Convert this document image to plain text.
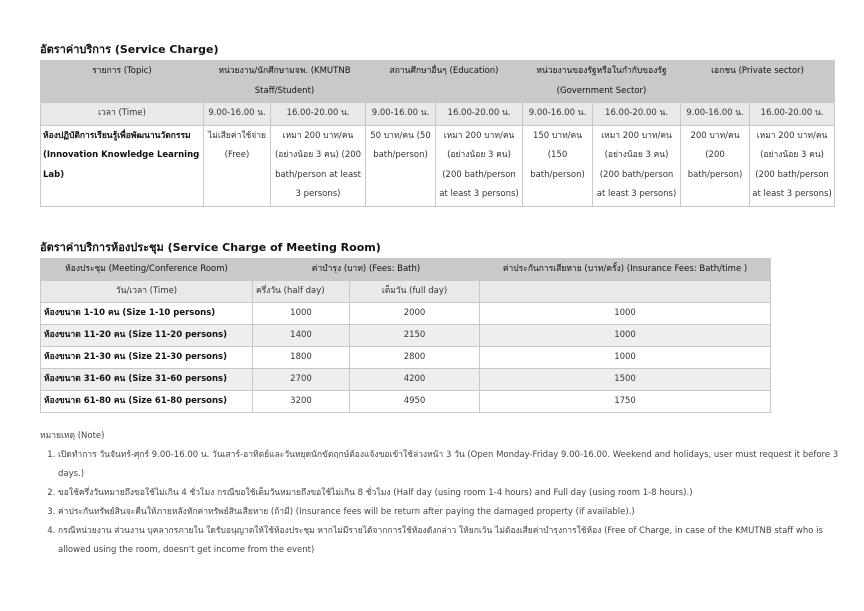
อัตราค่าบริการ (Service Charge)
รายการ (Topic)	หน่วยงาน/นักศึกษามจพ. (KMUTNB Staff/Student)		สถานศึกษาอื่นๆ (Education)		หน่วยงานของรัฐหรือในกำกับของรัฐ (Government Sector)		เอกชน (Private sector)	
เวลา (Time)	9.00-16.00 น.	16.00-20.00 น.	9.00-16.00 น.	16.00-20.00 น.	9.00-16.00 น.	16.00-20.00 น.	9.00-16.00 น.	16.00-20.00 น.
ห้องปฏิบัติการเรียนรู้เพื่อพัฒนานวัตกรรม (Innovation Knowledge Learning Lab)	ไม่เสียค่าใช้จ่าย (Free)	เหมา 200 บาท/คน (อย่างน้อย 3 คน) (200 bath/person at least 3 persons)	50 บาท/คน (50 bath/person)	เหมา 200 บาท/คน (อย่างน้อย 3 คน) (200 bath/person at least 3 persons)	150 บาท/คน (150 bath/person)	เหมา 200 บาท/คน (อย่างน้อย 3 คน) (200 bath/person at least 3 persons)	200 บาท/คน (200 bath/person)	เหมา 200 บาท/คน (อย่างน้อย 3 คน) (200 bath/person at least 3 persons)
อัตราค่าบริการห้องประชุม (Service Charge of Meeting Room)
ห้องประชุม (Meeting/Conference Room)	ค่าบำรุง (บาท) (Fees: Bath)		ค่าประกันการเสียหาย (บาท/ครั้ง) (Insurance Fees: Bath/time )
วัน/เวลา (Time)	ครึ่งวัน (half day)	เต็มวัน (full day)	
ห้องขนาด 1-10 คน (Size 1-10 persons)	1000	2000	1000
ห้องขนาด 11-20 คน (Size 11-20 persons)	1400	2150	1000
ห้องขนาด 21-30 คน (Size 21-30 persons)	1800	2800	1000
ห้องขนาด 31-60 คน (Size 31-60 persons)	2700	4200	1500
ห้องขนาด 61-80 คน (Size 61-80 persons)	3200	4950	1750
หมายเหตุ (Note)
1. เปิดทำการ วันจันทร์-ศุกร์ 9.00-16.00 น. วันเสาร์-อาทิตย์และวันหยุดนักขัตฤกษ์ต้องแจ้งขอเข้าใช้ล่วงหน้า 3 วัน (Open Monday-Friday 9.00-16.00. Weekend and holidays, user must request it before 3 days.)
2. ขอใช้ครึ่งวันหมายถึงขอใช้ไม่เกิน 4 ชั่วโมง กรณีขอใช้เต็มวันหมายถึงขอใช้ไม่เกิน 8 ชั่วโมง (Half day (using room 1-4 hours) and Full day (using room 1-8 hours).)
3. ค่าประกันทรัพย์สินจะคืนให้ภายหลังหักค่าทรัพย์สินเสียหาย (ถ้ามี) (Insurance fees will be return after paying the damaged property (if available).)
4. กรณีหน่วยงาน ส่วนงาน บุคลากรภายใน ใดรับอนุญาตให้ใช้ห้องประชุม หากไม่มีรายได้จากการใช้ห้องดังกล่าว ให้ยกเว้น ไม่ต้องเสียค่าบำรุงการใช้ห้อง (Free of Charge, in case of the KMUTNB staff who is allowed using the room, doesn't get income from the event)
